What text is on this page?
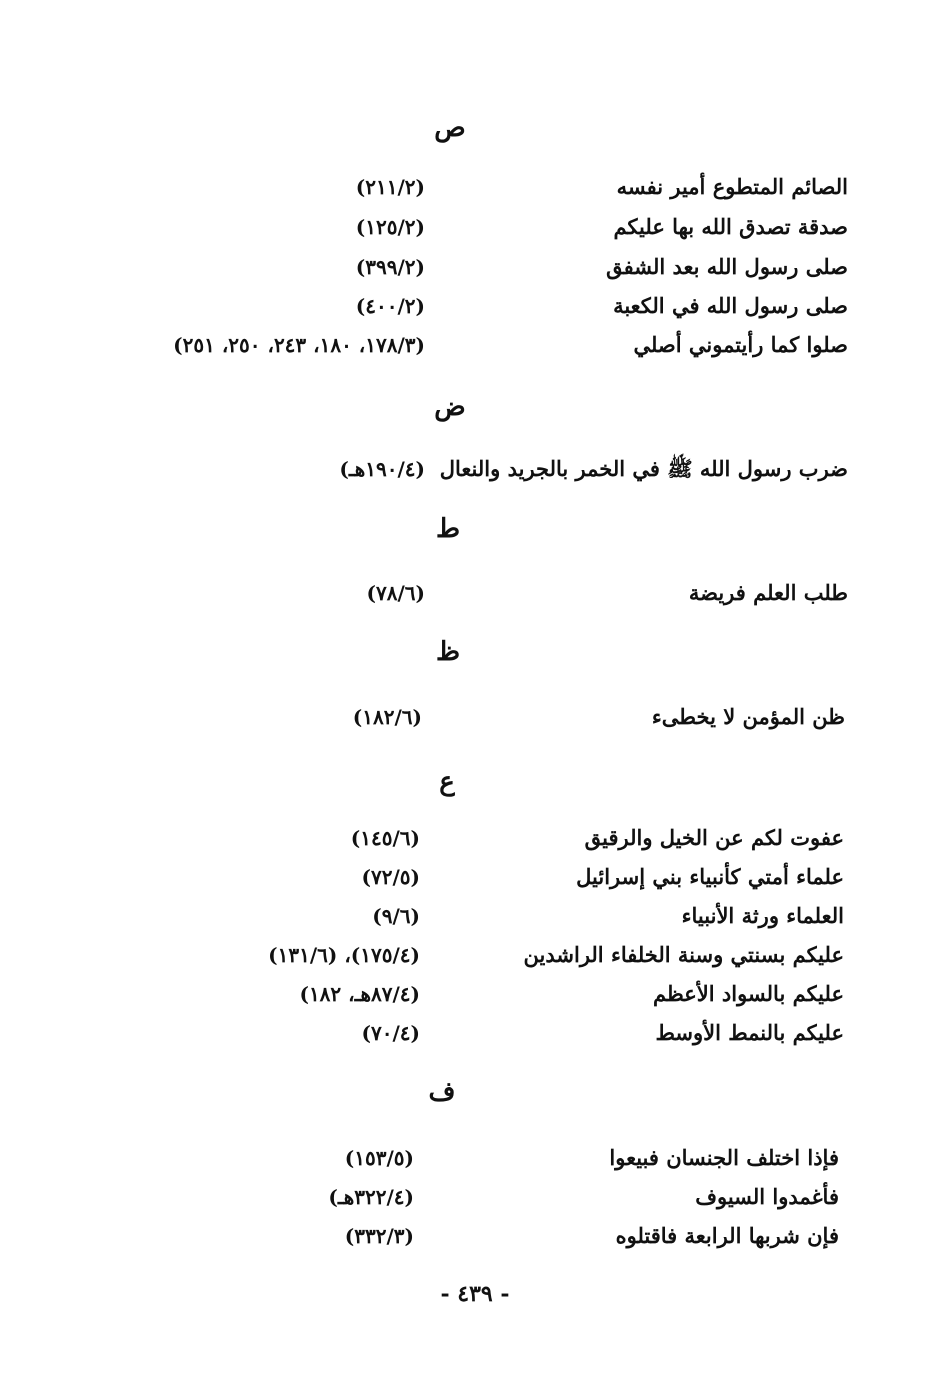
ص
الصائم المتطوع أمير نفسه
(٢١١/٢)
صدقة تصدق الله بها عليكم
(١٢٥/٢)
صلى رسول الله بعد الشفق
(٣٩٩/٢)
صلى رسول الله في الكعبة
(٤٠٠/٢)
صلوا كما رأيتموني أصلي
(١٧٨/٣، ١٨٠، ٢٤٣، ٢٥٠، ٢٥١)
ض
ضرب رسول الله ﷺ في الخمر بالجريد والنعال
(١٩٠/٤هـ)
ط
طلب العلم فريضة
(٧٨/٦)
ظ
ظن المؤمن لا يخطىء
(١٨٢/٦)
ع
عفوت لكم عن الخيل والرقيق
(١٤٥/٦)
علماء أمتي كأنبياء بني إسرائيل
(٧٢/٥)
العلماء ورثة الأنبياء
(٩/٦)
عليكم بسنتي وسنة الخلفاء الراشدين
(١٧٥/٤)، (١٣١/٦)
عليكم بالسواد الأعظم
(٨٧/٤هـ، ١٨٢)
عليكم بالنمط الأوسط
(٧٠/٤)
ف
فإذا اختلف الجنسان فبيعوا
(١٥٣/٥)
فأغمدوا السيوف
(٣٢٢/٤هـ)
فإن شربها الرابعة فاقتلوه
(٣٣٢/٣)
- ٤٣٩ -
